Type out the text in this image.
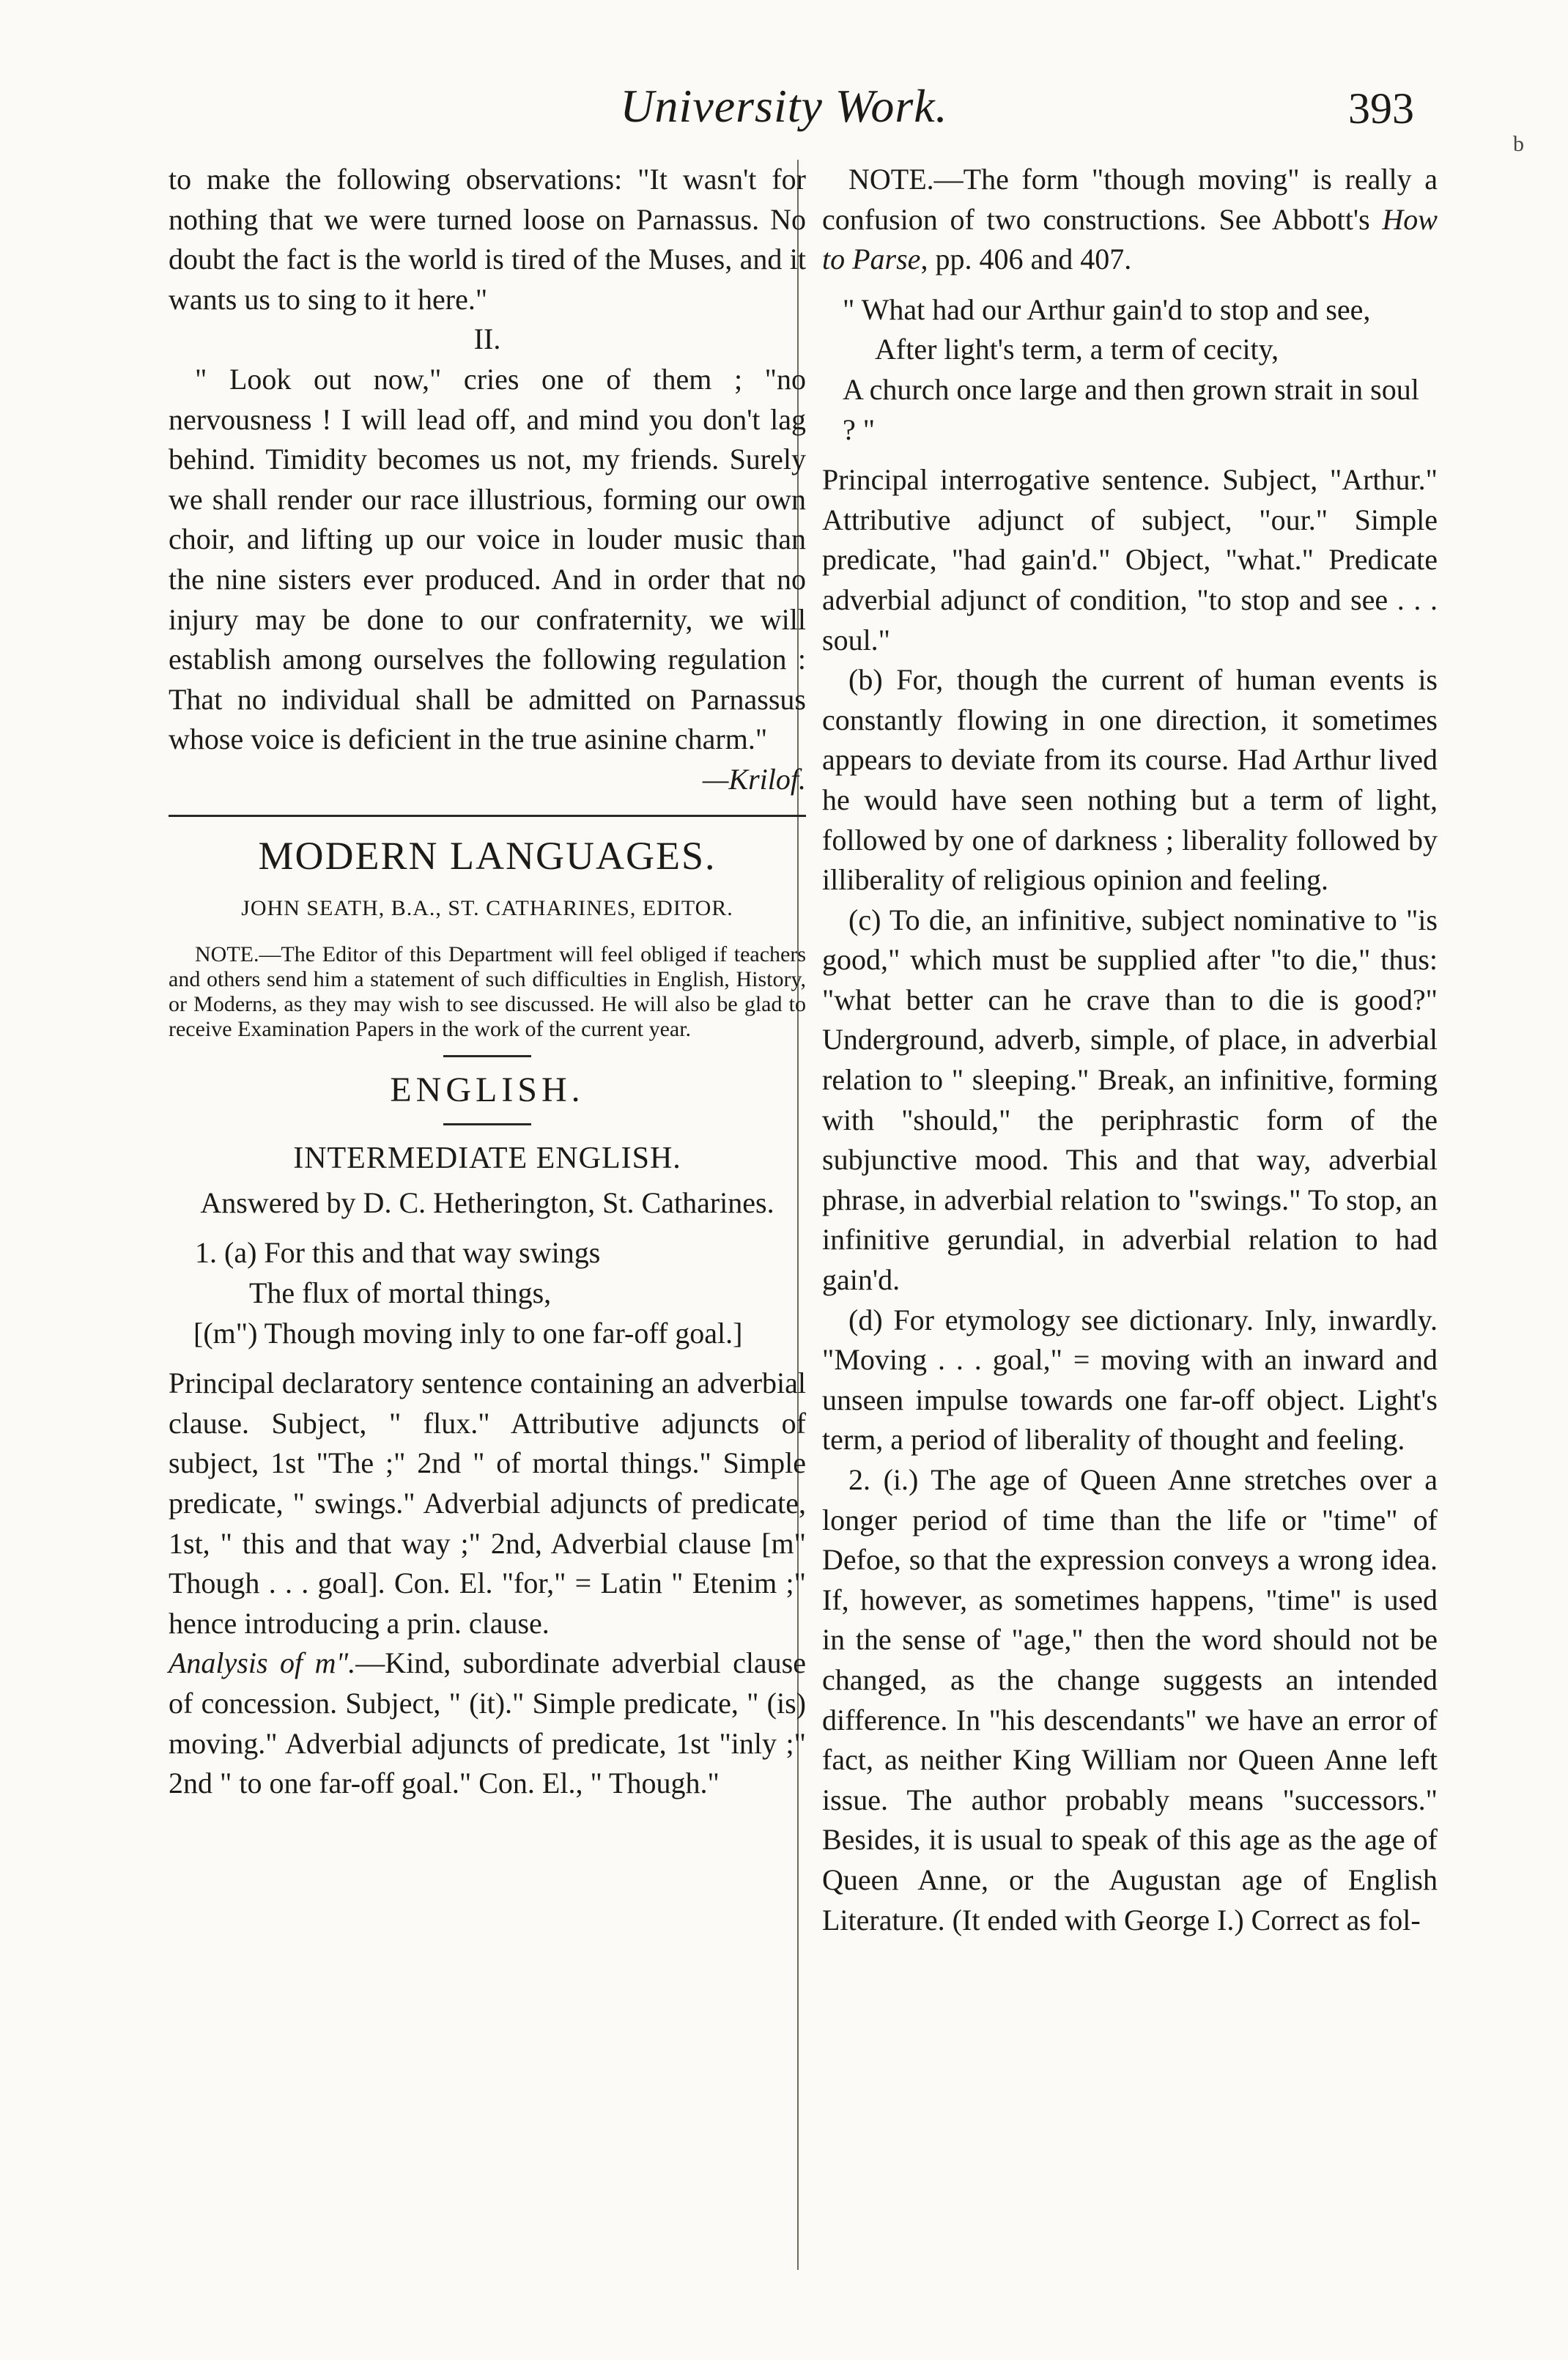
University Work.	393
b

to make the following observations: "It wasn't for nothing that we were turned loose on Parnassus. No doubt the fact is the world is tired of the Muses, and it wants us to sing to it here."

II.

" Look out now," cries one of them ; "no nervousness ! I will lead off, and mind you don't lag behind. Timidity becomes us not, my friends. Surely we shall render our race illustrious, forming our own choir, and lifting up our voice in louder music than the nine sisters ever produced. And in order that no injury may be done to our confraternity, we will establish among ourselves the following regulation : That no individual shall be admitted on Parnassus whose voice is deficient in the true asinine charm."

—Krilof.

MODERN LANGUAGES.
JOHN SEATH, B.A., ST. CATHARINES, EDITOR.

NOTE.—The Editor of this Department will feel obliged if teachers and others send him a statement of such difficulties in English, History, or Moderns, as they may wish to see discussed. He will also be glad to receive Examination Papers in the work of the current year.

ENGLISH.
INTERMEDIATE ENGLISH.

Answered by D. C. Hetherington, St. Catharines.

1. (a) For this and that way swings

The flux of mortal things,

[(m") Though moving inly to one far-off goal.]

Principal declaratory sentence containing an adverbial clause. Subject, " flux." Attributive adjuncts of subject, 1st "The ;" 2nd " of mortal things." Simple predicate, " swings." Adverbial adjuncts of predicate, 1st, " this and that way ;" 2nd, Adverbial clause [m" Though . . . goal]. Con. El. "for," = Latin " Etenim ;" hence introducing a prin. clause.

Analysis of m".—Kind, subordinate adverbial clause of concession. Subject, " (it)." Simple predicate, " (is) moving." Adverbial adjuncts of predicate, 1st "inly ;" 2nd " to one far-off goal." Con. El., " Though."

NOTE.—The form "though moving" is really a confusion of two constructions. See Abbott's How to Parse, pp. 406 and 407.

" What had our Arthur gain'd to stop and see,

After light's term, a term of cecity,

A church once large and then grown strait in soul ? "

Principal interrogative sentence. Subject, "Arthur." Attributive adjunct of subject, "our." Simple predicate, "had gain'd." Object, "what." Predicate adverbial adjunct of condition, "to stop and see . . . soul."

(b) For, though the current of human events is constantly flowing in one direction, it sometimes appears to deviate from its course. Had Arthur lived he would have seen nothing but a term of light, followed by one of darkness ; liberality followed by illiberality of religious opinion and feeling.

(c) To die, an infinitive, subject nominative to "is good," which must be supplied after "to die," thus: "what better can he crave than to die is good?" Underground, adverb, simple, of place, in adverbial relation to " sleeping." Break, an infinitive, forming with "should," the periphrastic form of the subjunctive mood. This and that way, adverbial phrase, in adverbial relation to "swings." To stop, an infinitive gerundial, in adverbial relation to had gain'd.

(d) For etymology see dictionary. Inly, inwardly. "Moving . . . goal," = moving with an inward and unseen impulse towards one far-off object. Light's term, a period of liberality of thought and feeling.

2. (i.) The age of Queen Anne stretches over a longer period of time than the life or "time" of Defoe, so that the expression conveys a wrong idea. If, however, as sometimes happens, "time" is used in the sense of "age," then the word should not be changed, as the change suggests an intended difference. In "his descendants" we have an error of fact, as neither King William nor Queen Anne left issue. The author probably means "successors." Besides, it is usual to speak of this age as the age of Queen Anne, or the Augustan age of English Literature. (It ended with George I.) Correct as fol-
